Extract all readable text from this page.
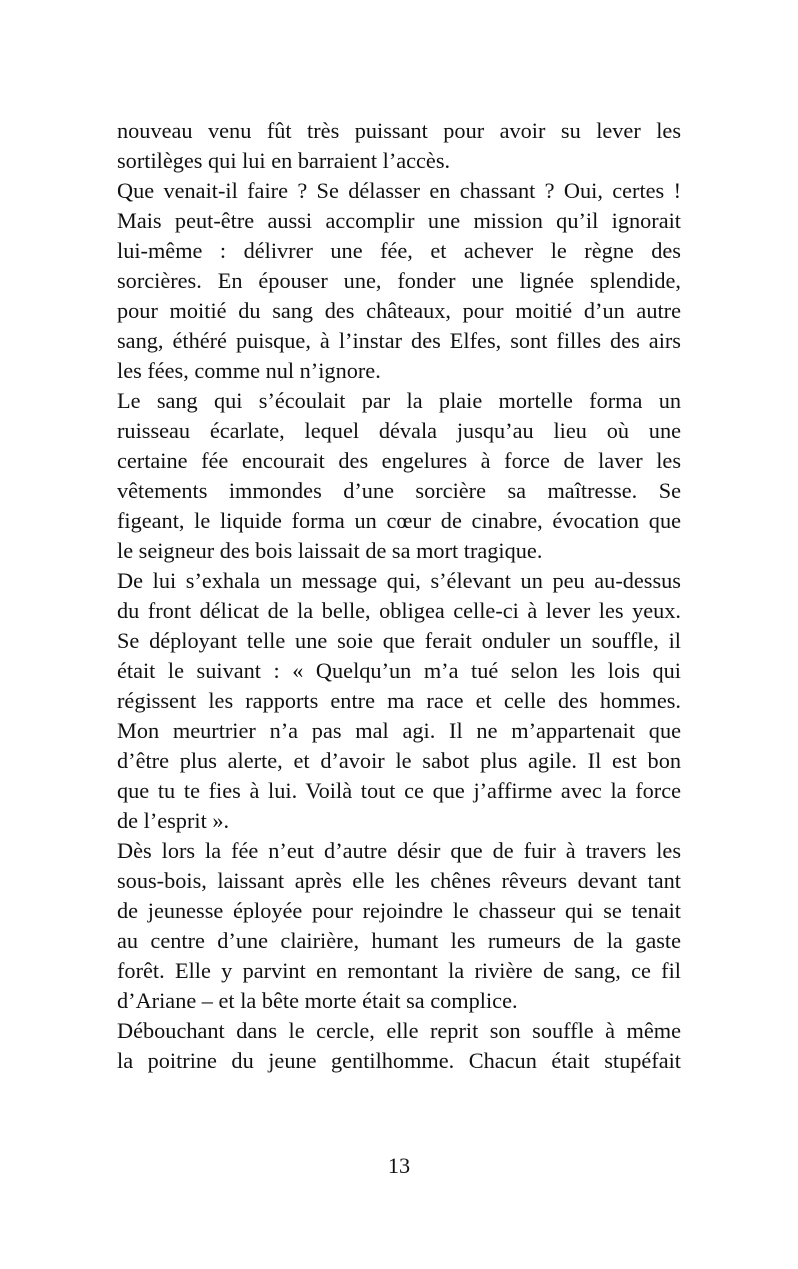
nouveau venu fût très puissant pour avoir su lever les
sortilèges qui lui en barraient l’accès.

Que venait-il faire ? Se délasser en chassant ? Oui, certes !
Mais peut-être aussi accomplir une mission qu’il ignorait
lui-même : délivrer une fée, et achever le règne des
sorcières. En épouser une, fonder une lignée splendide,
pour moitié du sang des châteaux, pour moitié d’un autre
sang, éthéré puisque, à l’instar des Elfes, sont filles des airs
les fées, comme nul n’ignore.

Le sang qui s’écoulait par la plaie mortelle forma un
ruisseau écarlate, lequel dévala jusqu’au lieu où une
certaine fée encourait des engelures à force de laver les
vêtements immondes d’une sorcière sa maîtresse. Se
figeant, le liquide forma un cœur de cinabre, évocation que
le seigneur des bois laissait de sa mort tragique.

De lui s’exhala un message qui, s’élevant un peu au-dessus
du front délicat de la belle, obligea celle-ci à lever les yeux.
Se déployant telle une soie que ferait onduler un souffle, il
était le suivant : « Quelqu’un m’a tué selon les lois qui
régissent les rapports entre ma race et celle des hommes.
Mon meurtrier n’a pas mal agi. Il ne m’appartenait que
d’être plus alerte, et d’avoir le sabot plus agile. Il est bon
que tu te fies à lui. Voilà tout ce que j’affirme avec la force
de l’esprit ».

Dès lors la fée n’eut d’autre désir que de fuir à travers les
sous-bois, laissant après elle les chênes rêveurs devant tant
de jeunesse éployée pour rejoindre le chasseur qui se tenait
au centre d’une clairière, humant les rumeurs de la gaste
forêt. Elle y parvint en remontant la rivière de sang, ce fil
d’Ariane – et la bête morte était sa complice.

Débouchant dans le cercle, elle reprit son souffle à même
la poitrine du jeune gentilhomme. Chacun était stupéfait

13
